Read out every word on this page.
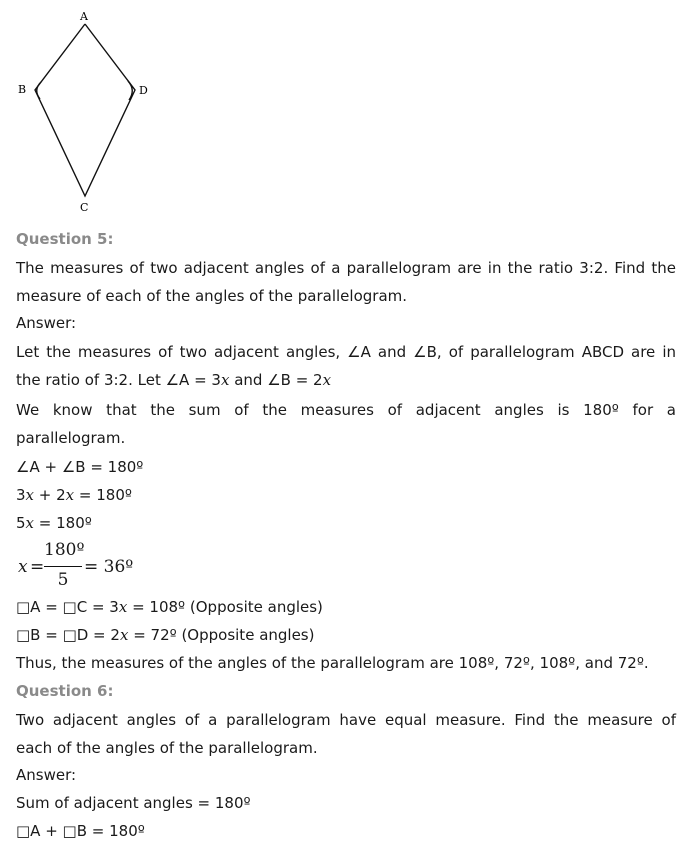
A
B	D
C
Question 5:
The measures of two adjacent angles of a parallelogram are in the ratio 3:2. Find the
measure of each of the angles of the parallelogram.
Answer:
Let the measures of two adjacent angles, ∠A and ∠B, of parallelogram ABCD are in
the ratio of 3:2. Let ∠A = 3x and ∠B = 2x
We know that the sum of the measures of adjacent angles is 180º for a
parallelogram.
∠A + ∠B = 180º
3x + 2x = 180º
5x = 180º
x =
180º
5
= 36º
□A = □C = 3x = 108º (Opposite angles)
□B = □D = 2x = 72º (Opposite angles)
Thus, the measures of the angles of the parallelogram are 108º, 72º, 108º, and 72º.
Question 6:
Two adjacent angles of a parallelogram have equal measure. Find the measure of
each of the angles of the parallelogram.
Answer:
Sum of adjacent angles = 180º
□A + □B = 180º
